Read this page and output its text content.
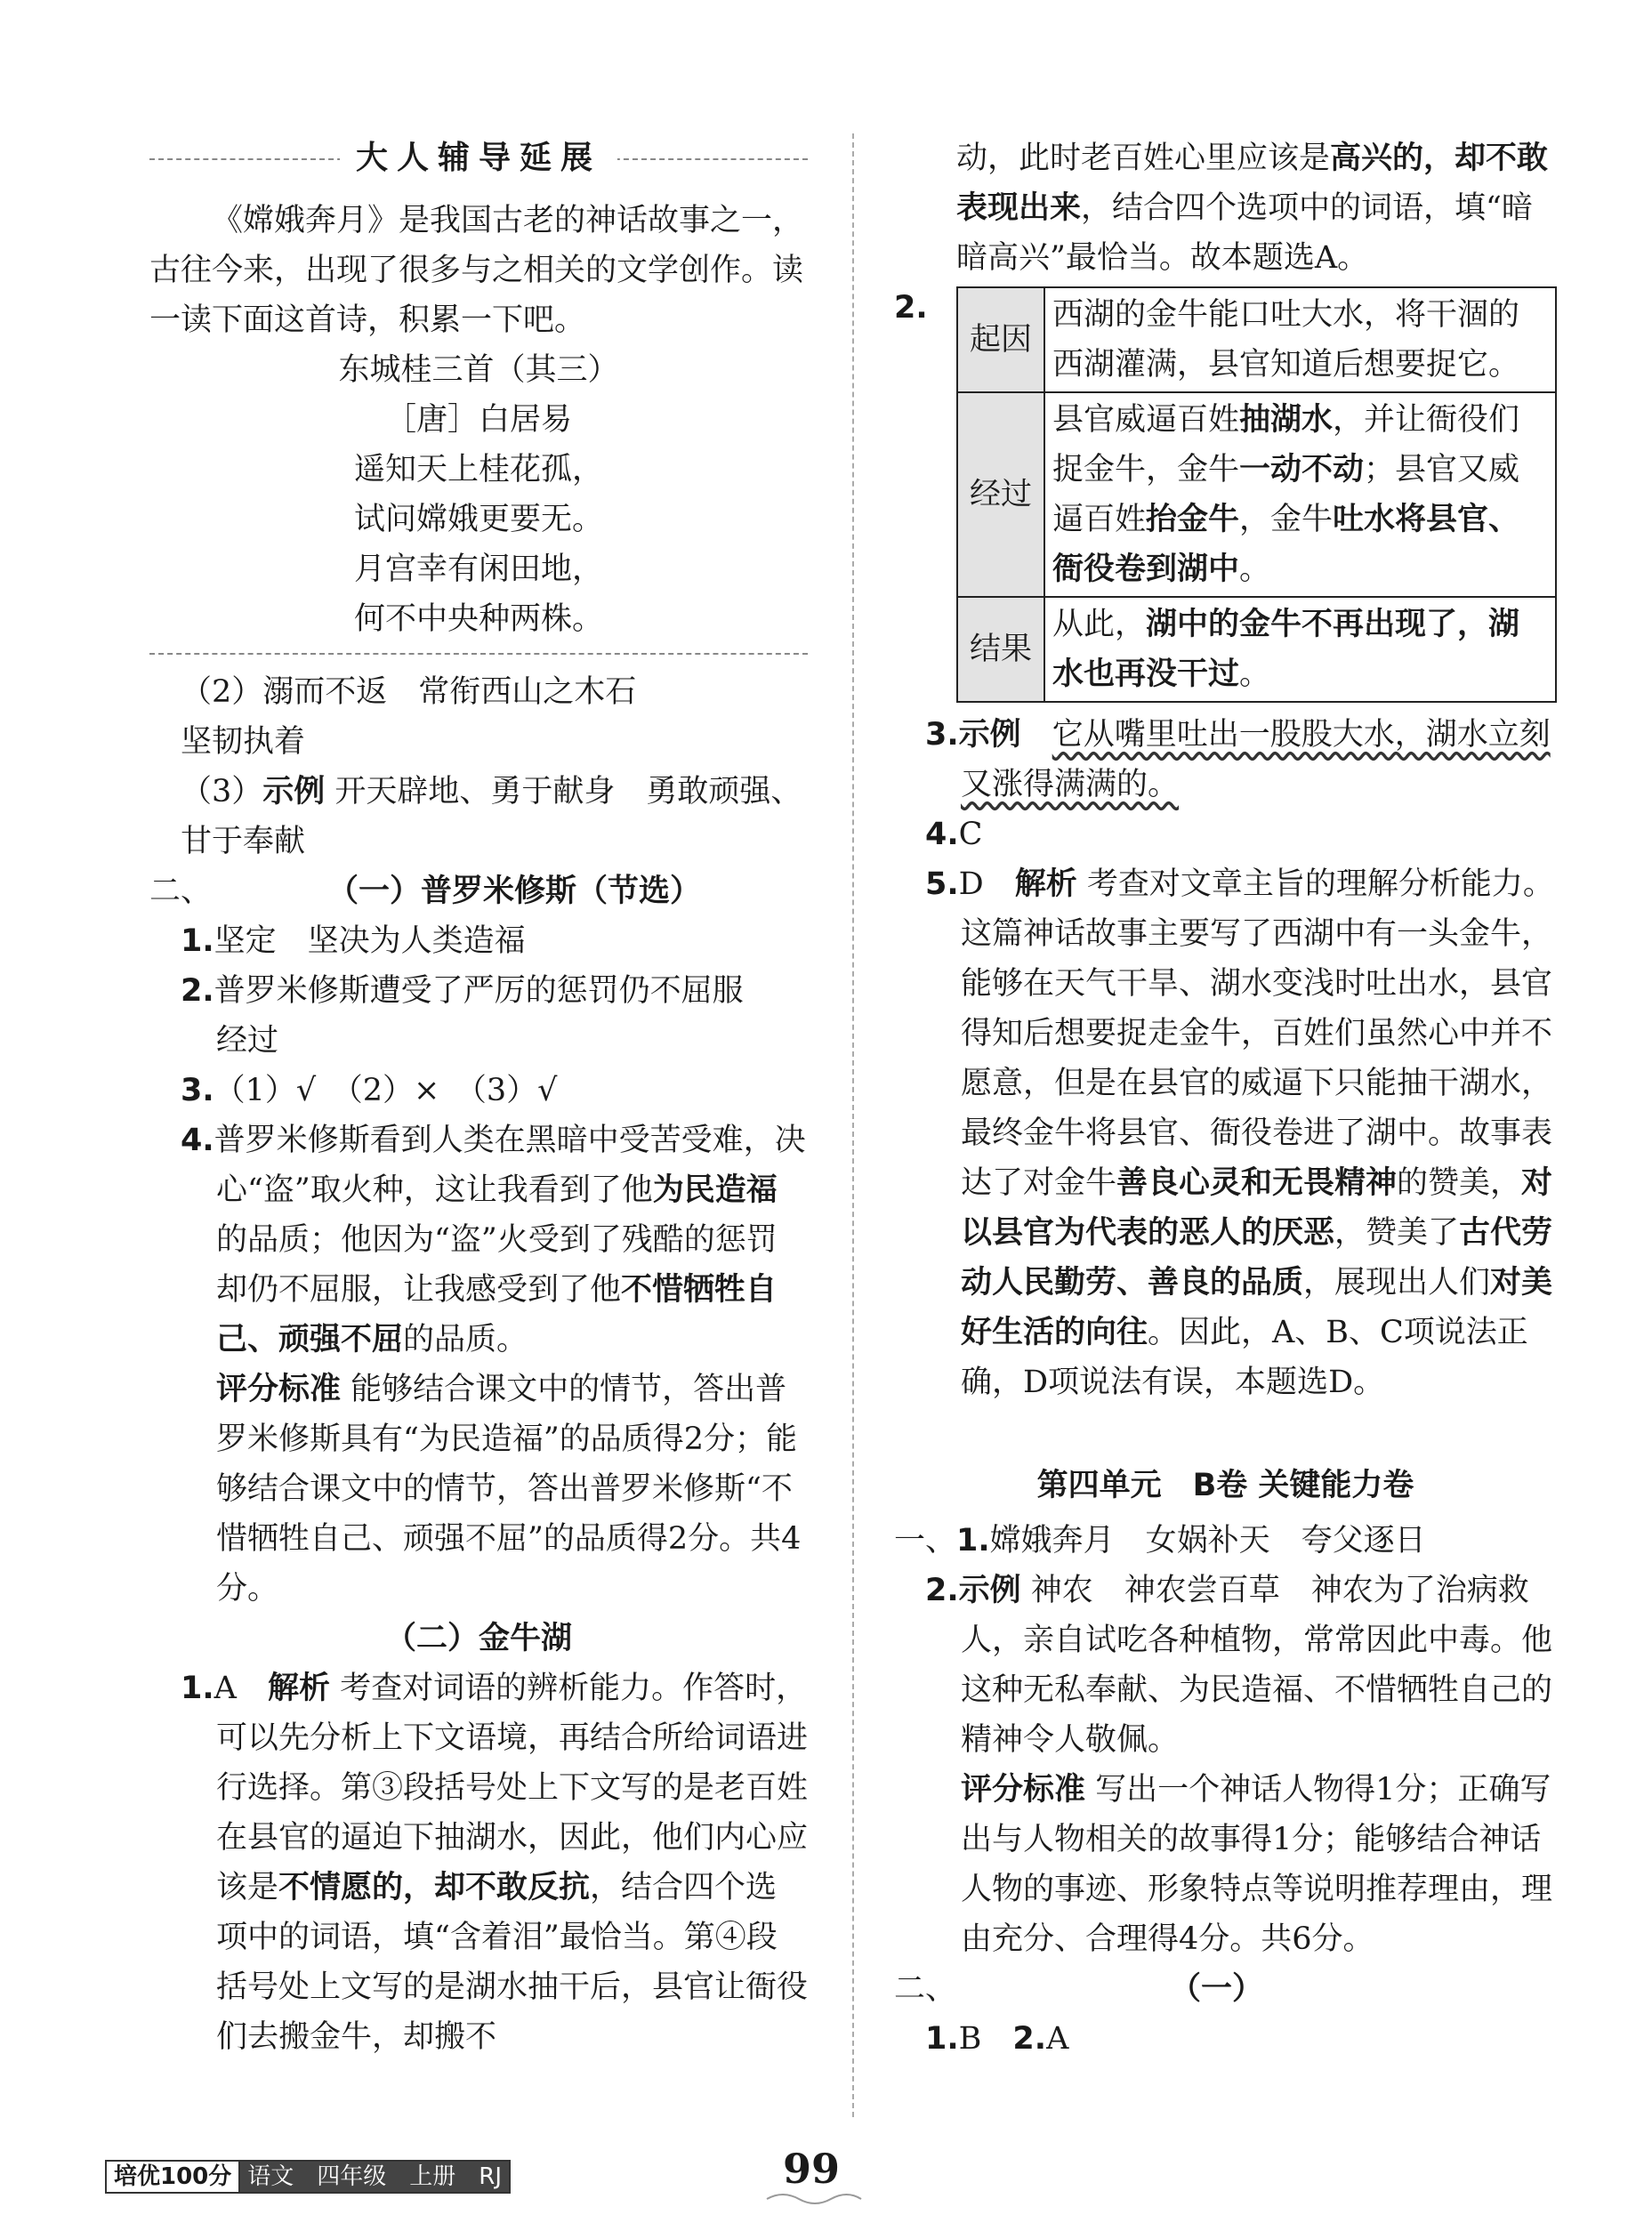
大人辅导延展

《嫦娥奔月》是我国古老的神话故事之一，古往今来，出现了很多与之相关的文学创作。读一读下面这首诗，积累一下吧。

东城桂三首（其三）

［唐］白居易

遥知天上桂花孤，

试问嫦娥更要无。

月宫幸有闲田地，

何不中央种两株。

（2）溺而不返　常衔西山之木石

坚韧执着

（3）示例 开天辟地、勇于献身　勇敢顽强、甘于奉献

二、	（一）普罗米修斯（节选）

1.坚定　坚决为人类造福

2.普罗米修斯遭受了严厉的惩罚仍不屈服
经过

3.（1）√　（2）×　（3）√

4.普罗米修斯看到人类在黑暗中受苦受难，决心“盗”取火种，这让我看到了他为民造福的品质；他因为“盗”火受到了残酷的惩罚却仍不屈服，让我感受到了他不惜牺牲自己、顽强不屈的品质。

评分标准 能够结合课文中的情节，答出普罗米修斯具有“为民造福”的品质得2分；能够结合课文中的情节，答出普罗米修斯“不惜牺牲自己、顽强不屈”的品质得2分。共4分。

（二）金牛湖

1.A　 解析 考查对词语的辨析能力。作答时，可以先分析上下文语境，再结合所给词语进行选择。第③段括号处上下文写的是老百姓在县官的逼迫下抽湖水，因此，他们内心应该是不情愿的，却不敢反抗，结合四个选项中的词语，填“含着泪”最恰当。第④段括号处上文写的是湖水抽干后，县官让衙役们去搬金牛，却搬不

动，此时老百姓心里应该是高兴的，却不敢表现出来，结合四个选项中的词语，填“暗暗高兴”最恰当。故本题选A。

2.
起因	西湖的金牛能口吐大水，将干涸的西湖灌满，县官知道后想要捉它。
经过	县官威逼百姓抽湖水，并让衙役们捉金牛，金牛一动不动；县官又威逼百姓抬金牛，金牛吐水将县官、衙役卷到湖中。
结果	从此，湖中的金牛不再出现了，湖水也再没干过。

3.示例　 它从嘴里吐出一股股大水，湖水立刻又涨得满满的。

4.C

5.D　 解析 考查对文章主旨的理解分析能力。这篇神话故事主要写了西湖中有一头金牛，能够在天气干旱、湖水变浅时吐出水，县官得知后想要捉走金牛，百姓们虽然心中并不愿意，但是在县官的威逼下只能抽干湖水，最终金牛将县官、衙役卷进了湖中。故事表达了对金牛善良心灵和无畏精神的赞美，对以县官为代表的恶人的厌恶，赞美了古代劳动人民勤劳、善良的品质，展现出人们对美好生活的向往。因此，A、B、C项说法正确，D项说法有误，本题选D。

第四单元　B卷 关键能力卷

一、1.嫦娥奔月　女娲补天　夸父逐日

2.示例 神农　神农尝百草　神农为了治病救人，亲自试吃各种植物，常常因此中毒。他这种无私奉献、为民造福、不惜牺牲自己的精神令人敬佩。

评分标准 写出一个神话人物得1分；正确写出与人物相关的故事得1分；能够结合神话人物的事迹、形象特点等说明推荐理由，理由充分、合理得4分。共6分。

二、	（一）

1.B　 2.A

培优100分 语文　四年级　上册　RJ	99
